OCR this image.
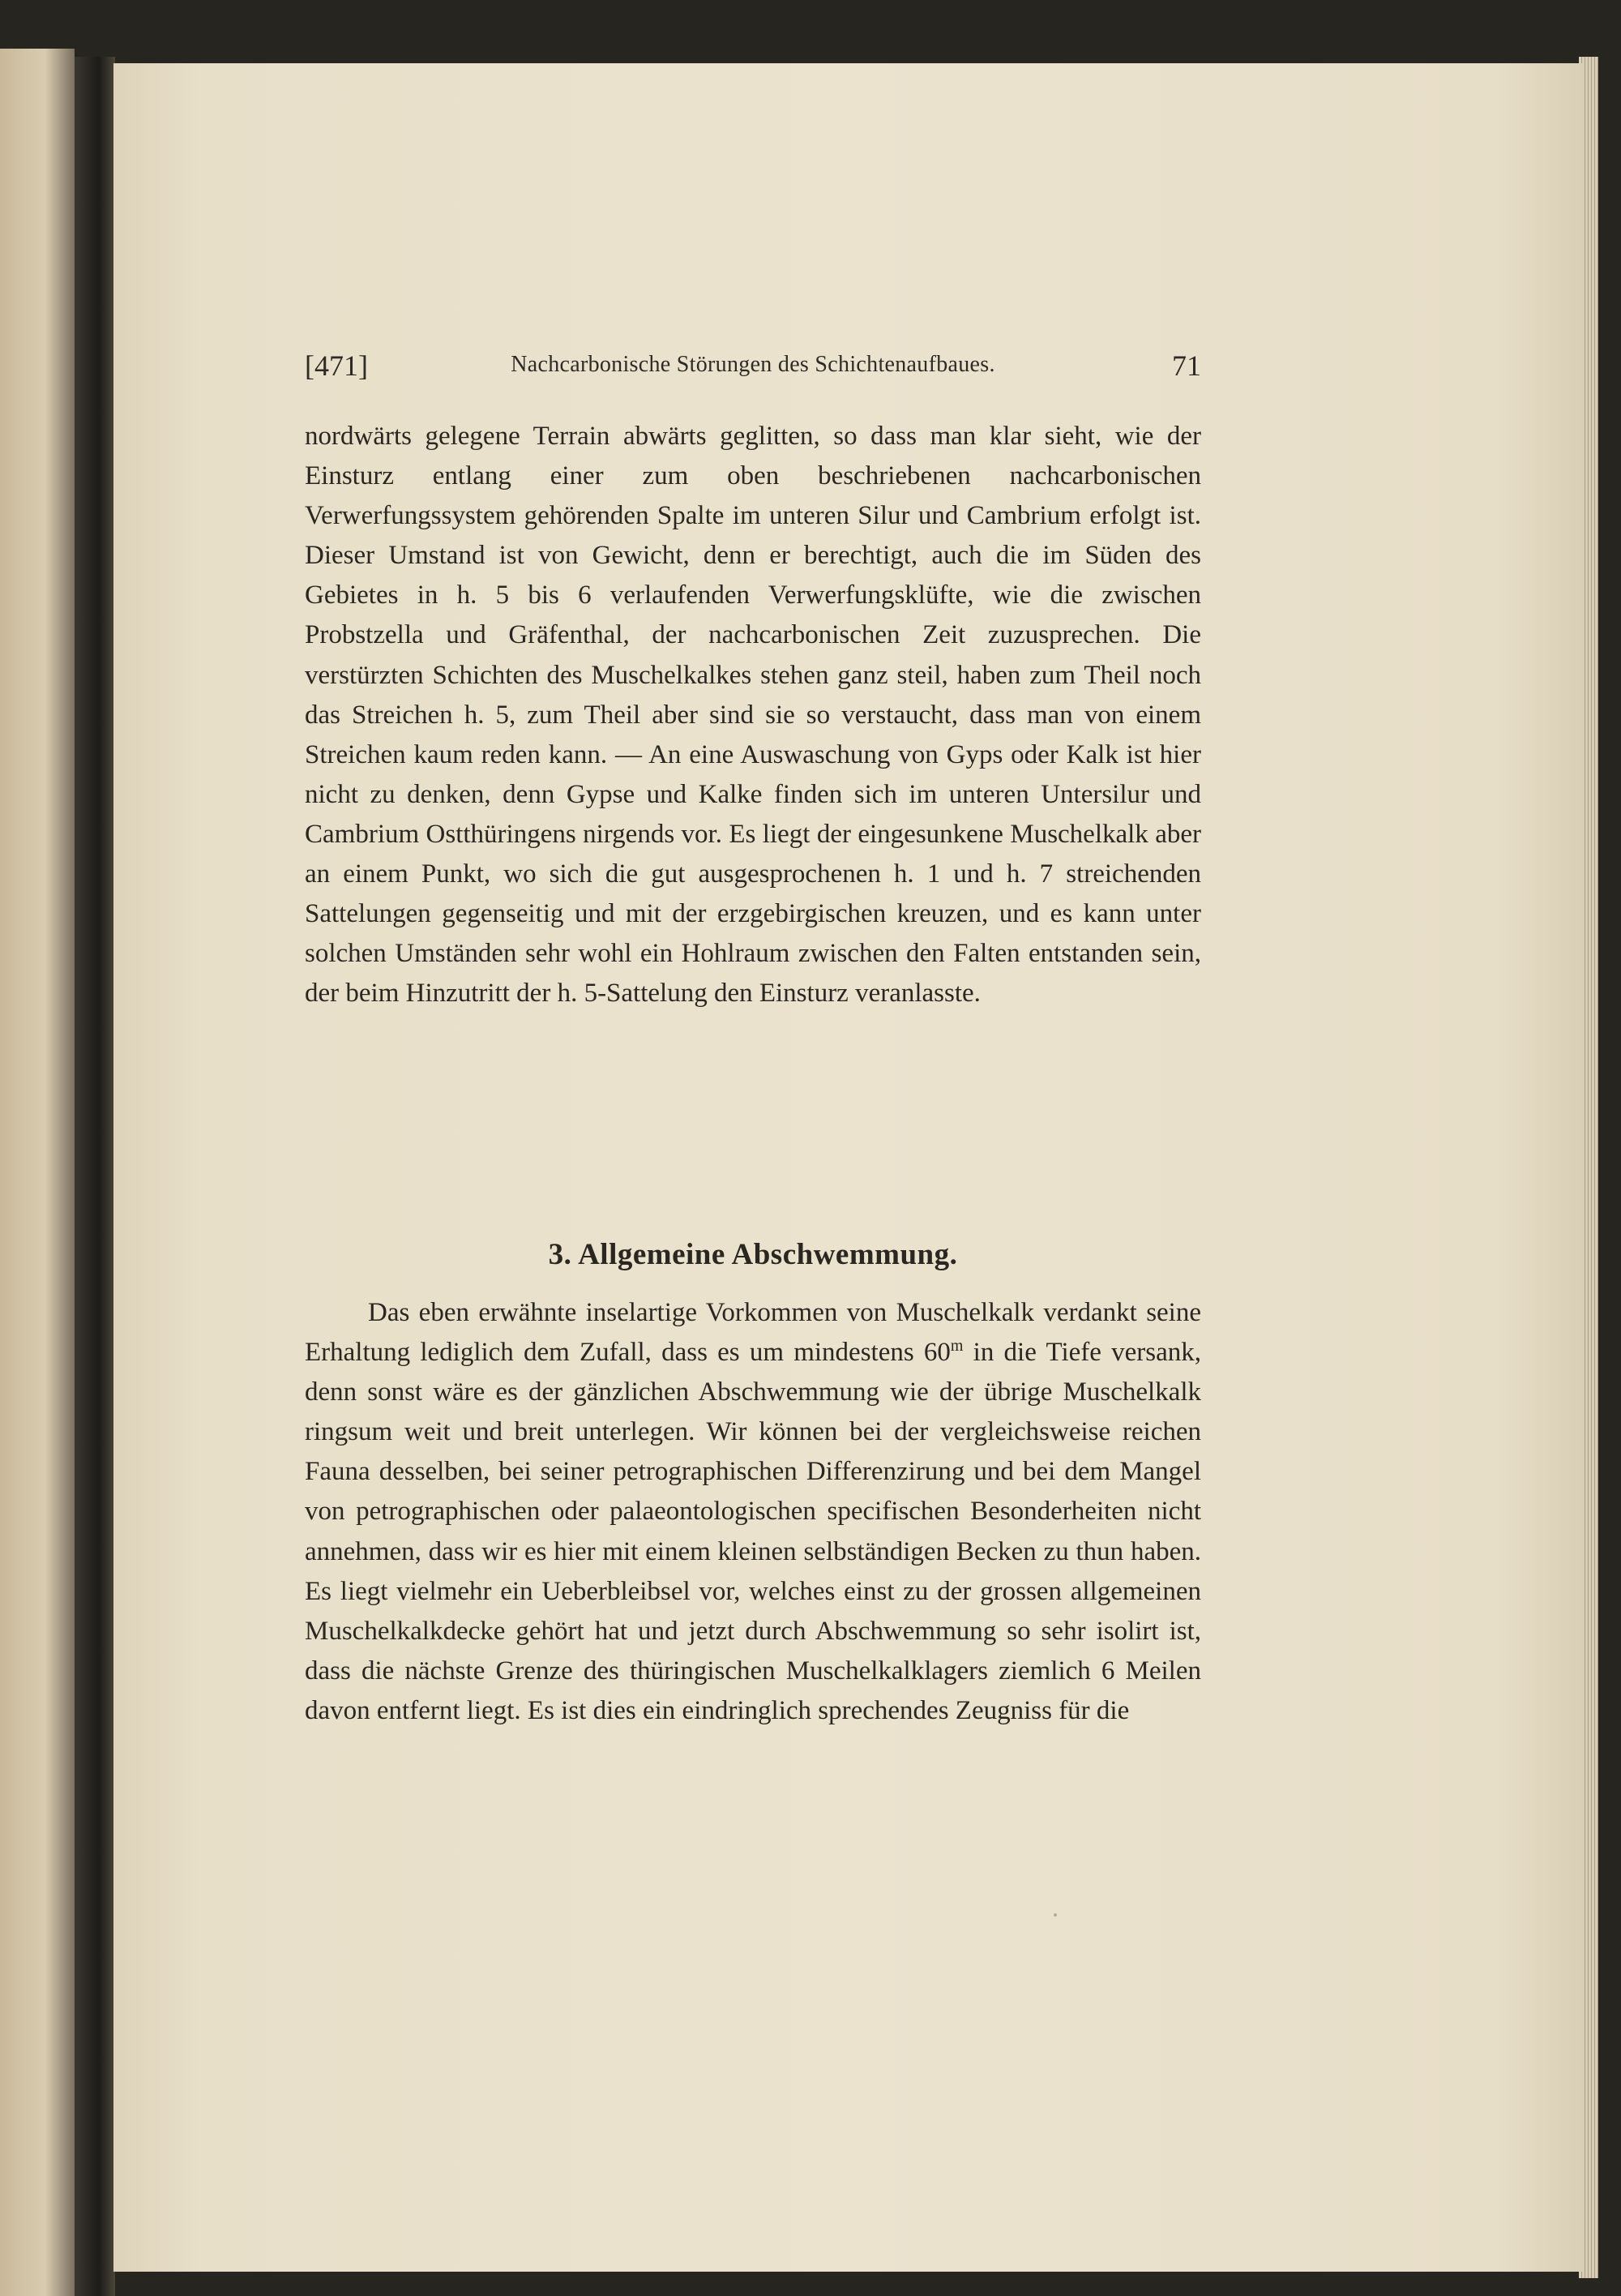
[471]	Nachcarbonische Störungen des Schichtenaufbaues.	71
nordwärts gelegene Terrain abwärts geglitten, so dass man klar sieht, wie der Einsturz entlang einer zum oben beschriebenen nachcarbonischen Verwerfungssystem gehörenden Spalte im unteren Silur und Cambrium erfolgt ist. Dieser Umstand ist von Gewicht, denn er berechtigt, auch die im Süden des Gebietes in h. 5 bis 6 verlaufenden Verwerfungsklüfte, wie die zwischen Probstzella und Gräfenthal, der nachcarbonischen Zeit zuzusprechen. Die verstürzten Schichten des Muschelkalkes stehen ganz steil, haben zum Theil noch das Streichen h. 5, zum Theil aber sind sie so verstaucht, dass man von einem Streichen kaum reden kann. — An eine Auswaschung von Gyps oder Kalk ist hier nicht zu denken, denn Gypse und Kalke finden sich im unteren Untersilur und Cambrium Ostthüringens nirgends vor. Es liegt der eingesunkene Muschelkalk aber an einem Punkt, wo sich die gut ausgesprochenen h. 1 und h. 7 streichenden Sattelungen gegenseitig und mit der erzgebirgischen kreuzen, und es kann unter solchen Umständen sehr wohl ein Hohlraum zwischen den Falten entstanden sein, der beim Hinzutritt der h. 5-Sattelung den Einsturz veranlasste.
3. Allgemeine Abschwemmung.
Das eben erwähnte inselartige Vorkommen von Muschelkalk verdankt seine Erhaltung lediglich dem Zufall, dass es um mindestens 60$^m$ in die Tiefe versank, denn sonst wäre es der gänzlichen Abschwemmung wie der übrige Muschelkalk ringsum weit und breit unterlegen. Wir können bei der vergleichsweise reichen Fauna desselben, bei seiner petrographischen Differenzirung und bei dem Mangel von petrographischen oder palaeontologischen specifischen Besonderheiten nicht annehmen, dass wir es hier mit einem kleinen selbständigen Becken zu thun haben. Es liegt vielmehr ein Ueberbleibsel vor, welches einst zu der grossen allgemeinen Muschelkalkdecke gehört hat und jetzt durch Abschwemmung so sehr isolirt ist, dass die nächste Grenze des thüringischen Muschelkalklagers ziemlich 6 Meilen davon entfernt liegt. Es ist dies ein eindringlich sprechendes Zeugniss für die
